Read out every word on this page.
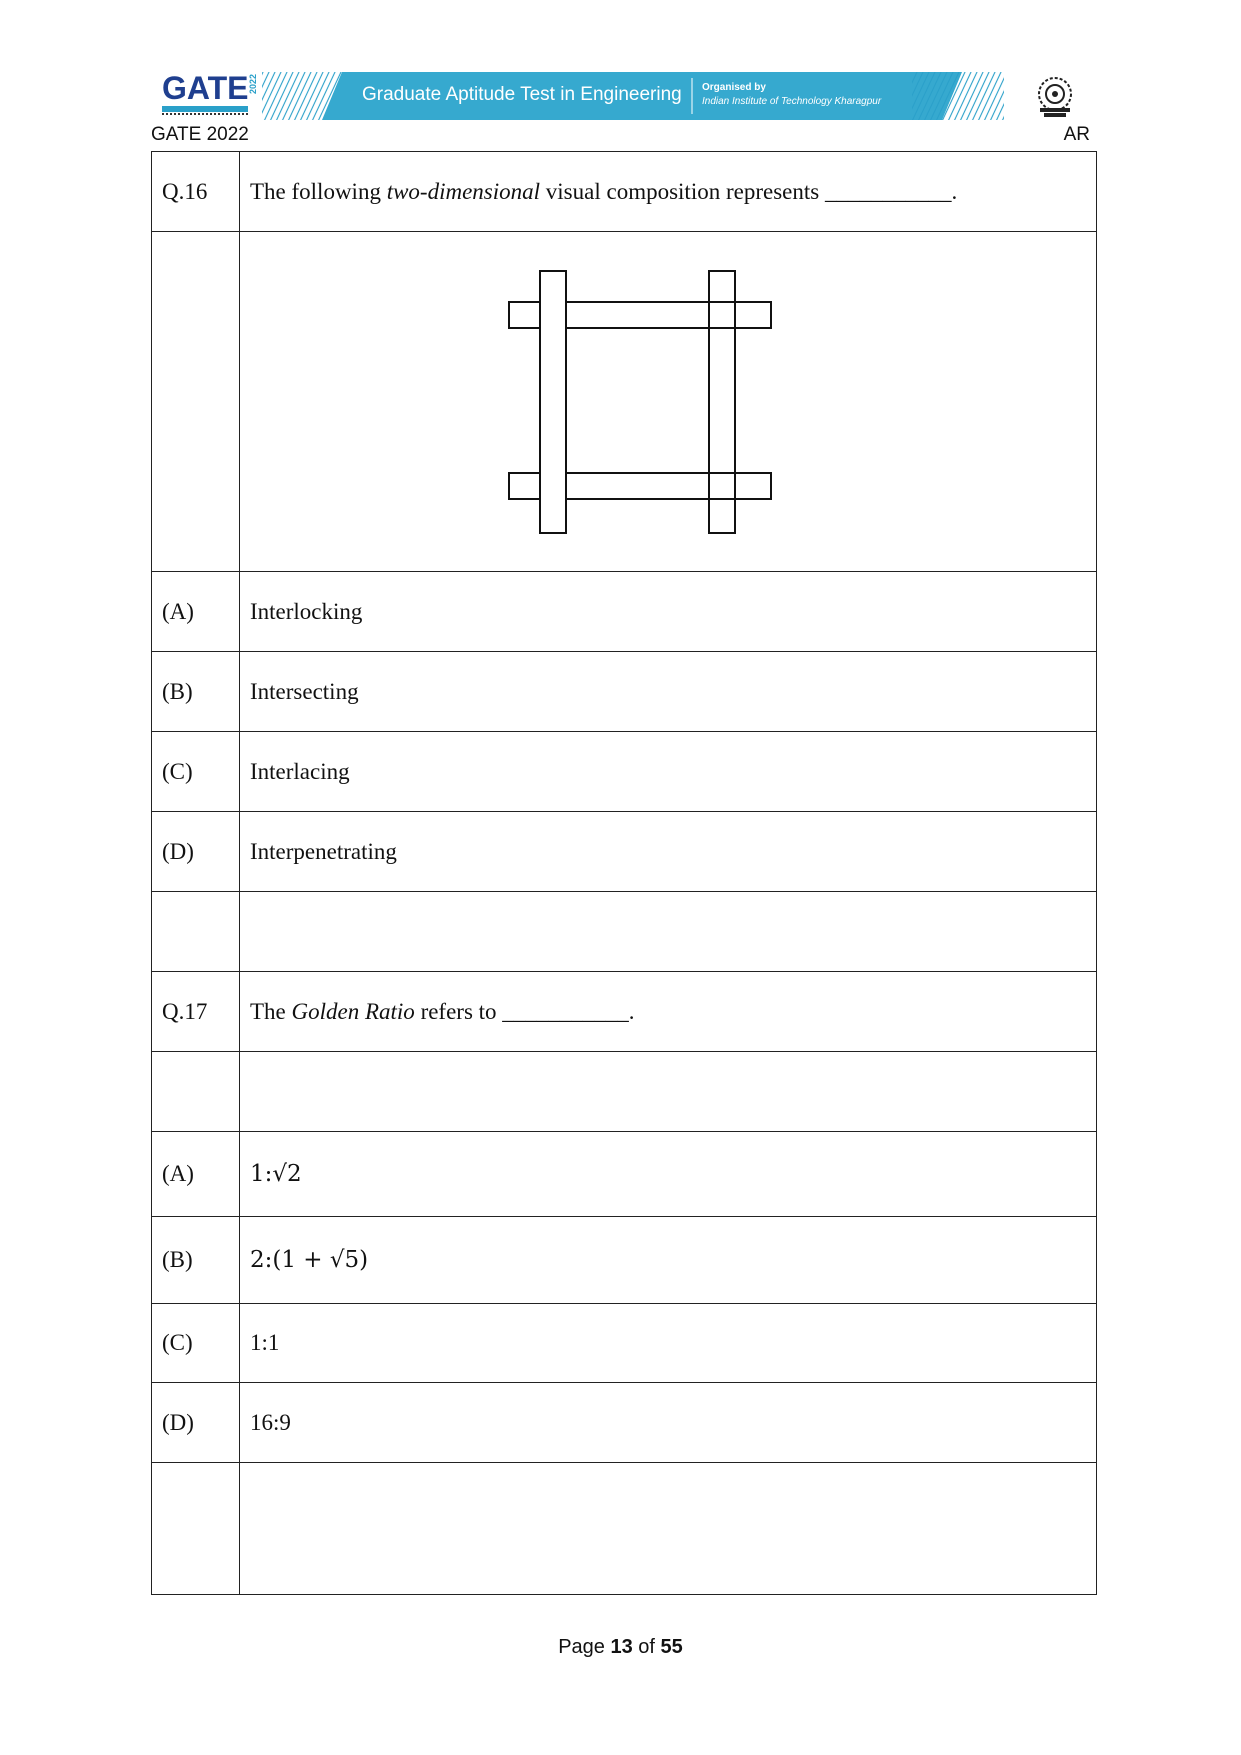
GATE 2022	Graduate Aptitude Test in Engineering Organised by
Indian Institute of Technology Kharagpur
GATE 2022	AR
Q.16	The following two-dimensional visual composition represents ___________.

(A)	Interlocking
(B)	Intersecting
(C)	Interlacing
(D)	Interpenetrating

Q.17	The Golden Ratio refers to ___________.

(A)	1:√2
(B)	2:(1 + √5)
(C)	1:1
(D)	16:9

Page 13 of 55
